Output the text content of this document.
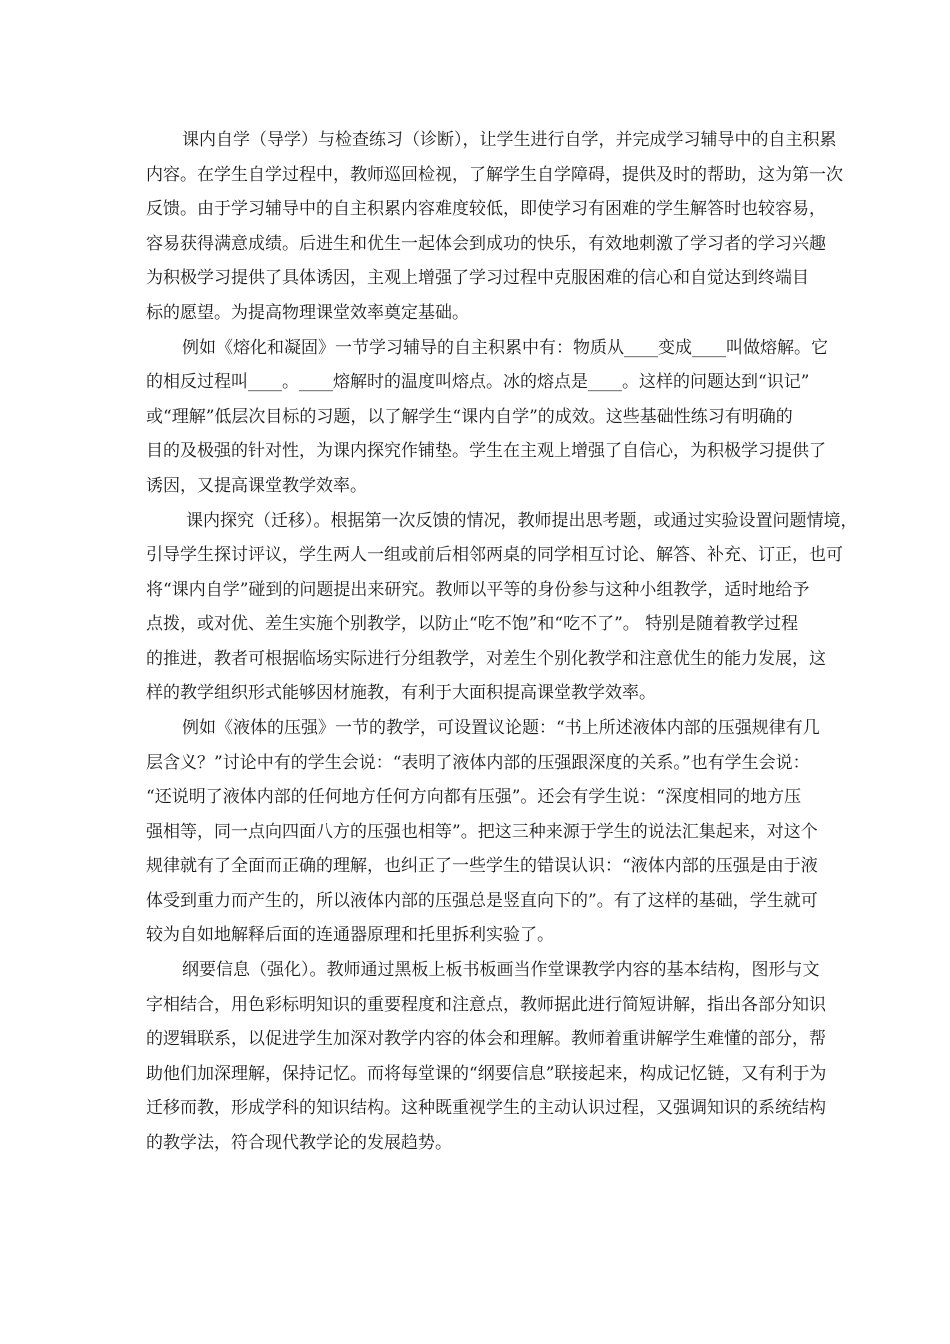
课内自学（导学）与检查练习（诊断），让学生进行自学，并完成学习辅导中的自主积累

内容。在学生自学过程中，教师巡回检视，了解学生自学障碍，提供及时的帮助，这为第一次

反馈。由于学习辅导中的自主积累内容难度较低，即使学习有困难的学生解答时也较容易，

容易获得满意成绩。后进生和优生一起体会到成功的快乐，有效地刺激了学习者的学习兴趣

为积极学习提供了具体诱因，主观上增强了学习过程中克服困难的信心和自觉达到终端目

标的愿望。为提高物理课堂效率奠定基础。

例如《熔化和凝固》一节学习辅导的自主积累中有：物质从____变成____叫做熔解。它

的相反过程叫____。____熔解时的温度叫熔点。冰的熔点是____。这样的问题达到“识记”

或“理解”低层次目标的习题，以了解学生“课内自学”的成效。这些基础性练习有明确的

目的及极强的针对性，为课内探究作铺垫。学生在主观上增强了自信心，为积极学习提供了

诱因，又提高课堂教学效率。

课内探究（迁移）。根据第一次反馈的情况，教师提出思考题，或通过实验设置问题情境，

引导学生探讨评议，学生两人一组或前后相邻两桌的同学相互讨论、解答、补充、订正，也可

将“课内自学”碰到的问题提出来研究。教师以平等的身份参与这种小组教学，适时地给予

点拨，或对优、差生实施个别教学，以防止“吃不饱”和“吃不了”。 特别是随着教学过程

的推进，教者可根据临场实际进行分组教学，对差生个别化教学和注意优生的能力发展，这

样的教学组织形式能够因材施教，有利于大面积提高课堂教学效率。

例如《液体的压强》一节的教学，可设置议论题：“书上所述液体内部的压强规律有几

层含义？”讨论中有的学生会说：“表明了液体内部的压强跟深度的关系。”也有学生会说：

“还说明了液体内部的任何地方任何方向都有压强”。还会有学生说：“深度相同的地方压

强相等，同一点向四面八方的压强也相等”。把这三种来源于学生的说法汇集起来，对这个

规律就有了全面而正确的理解，也纠正了一些学生的错误认识：“液体内部的压强是由于液

体受到重力而产生的，所以液体内部的压强总是竖直向下的”。有了这样的基础，学生就可

较为自如地解释后面的连通器原理和托里拆利实验了。

纲要信息（强化）。教师通过黑板上板书板画当作堂课教学内容的基本结构，图形与文

字相结合，用色彩标明知识的重要程度和注意点，教师据此进行简短讲解，指出各部分知识

的逻辑联系，以促进学生加深对教学内容的体会和理解。教师着重讲解学生难懂的部分，帮

助他们加深理解，保持记忆。而将每堂课的“纲要信息”联接起来，构成记忆链，又有利于为

迁移而教，形成学科的知识结构。这种既重视学生的主动认识过程，又强调知识的系统结构

的教学法，符合现代教学论的发展趋势。
